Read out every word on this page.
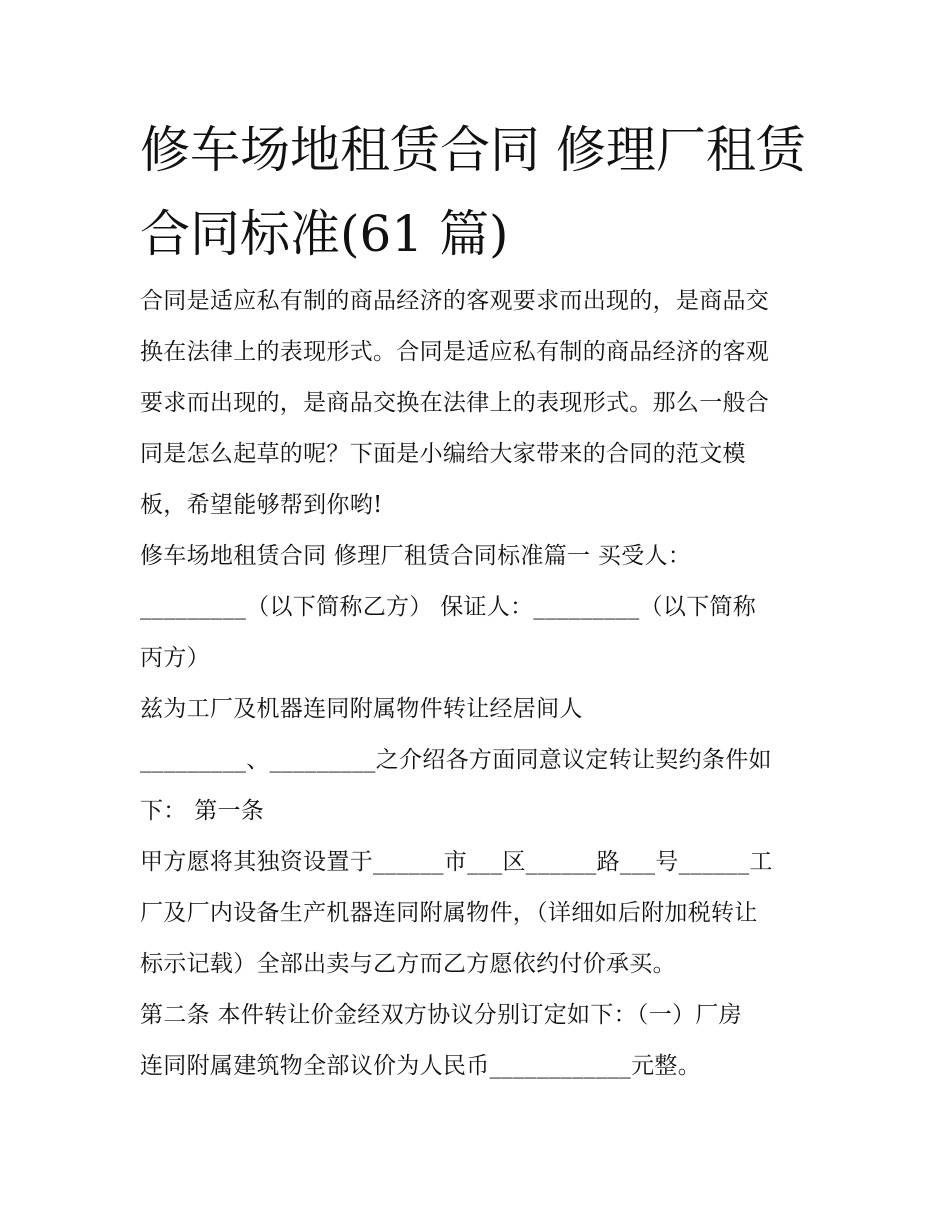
修车场地租赁合同 修理厂租赁
合同标准(61 篇)
合同是适应私有制的商品经济的客观要求而出现的，是商品交
换在法律上的表现形式。合同是适应私有制的商品经济的客观
要求而出现的，是商品交换在法律上的表现形式。那么一般合
同是怎么起草的呢？下面是小编给大家带来的合同的范文模
板，希望能够帮到你哟!
修车场地租赁合同 修理厂租赁合同标准篇一 买受人：
_________（以下简称乙方） 保证人：_________（以下简称
丙方）
兹为工厂及机器连同附属物件转让经居间人
_________、_________之介绍各方面同意议定转让契约条件如
下： 第一条
甲方愿将其独资设置于______市___区______路___号______工
厂及厂内设备生产机器连同附属物件，（详细如后附加税转让
标示记载）全部出卖与乙方而乙方愿依约付价承买。
第二条 本件转让价金经双方协议分别订定如下：（一）厂房
连同附属建筑物全部议价为人民币____________元整。
